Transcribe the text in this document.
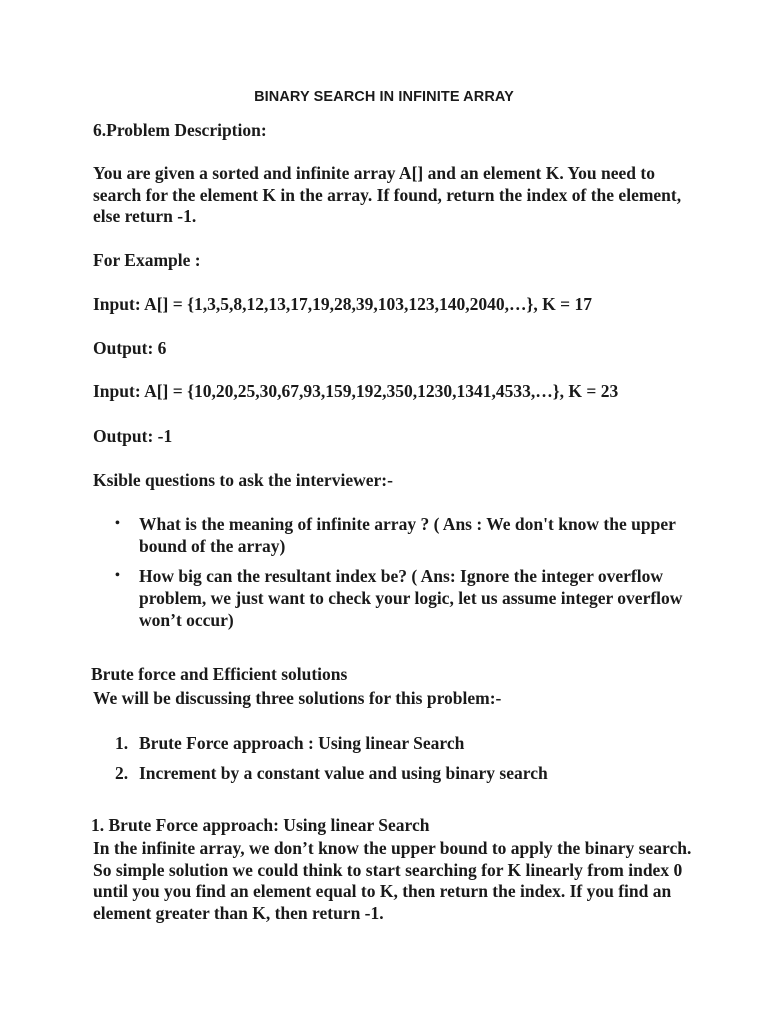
BINARY SEARCH IN INFINITE ARRAY
6.Problem Description:
You are given a sorted and infinite array A[] and an element K. You need to search for the element K in the array. If found, return the index of the element, else return -1.
For Example :
Input: A[] = {1,3,5,8,12,13,17,19,28,39,103,123,140,2040,…}, K = 17
Output: 6
Input: A[] = {10,20,25,30,67,93,159,192,350,1230,1341,4533,…}, K = 23
Output: -1
Ksible questions to ask the interviewer:-
• What is the meaning of infinite array ? ( Ans : We don't know the upper bound of the array)
• How big can the resultant index be? ( Ans: Ignore the integer overflow problem, we just want to check your logic, let us assume integer overflow won’t occur)
Brute force and Efficient solutions
We will be discussing three solutions for this problem:-
1. Brute Force approach : Using linear Search
2. Increment by a constant value and using binary search
1. Brute Force approach: Using linear Search
In the infinite array, we don’t know the upper bound to apply the binary search. So simple solution we could think to start searching for K linearly from index 0 until you you find an element equal to K, then return the index. If you find an element greater than K, then return -1.
